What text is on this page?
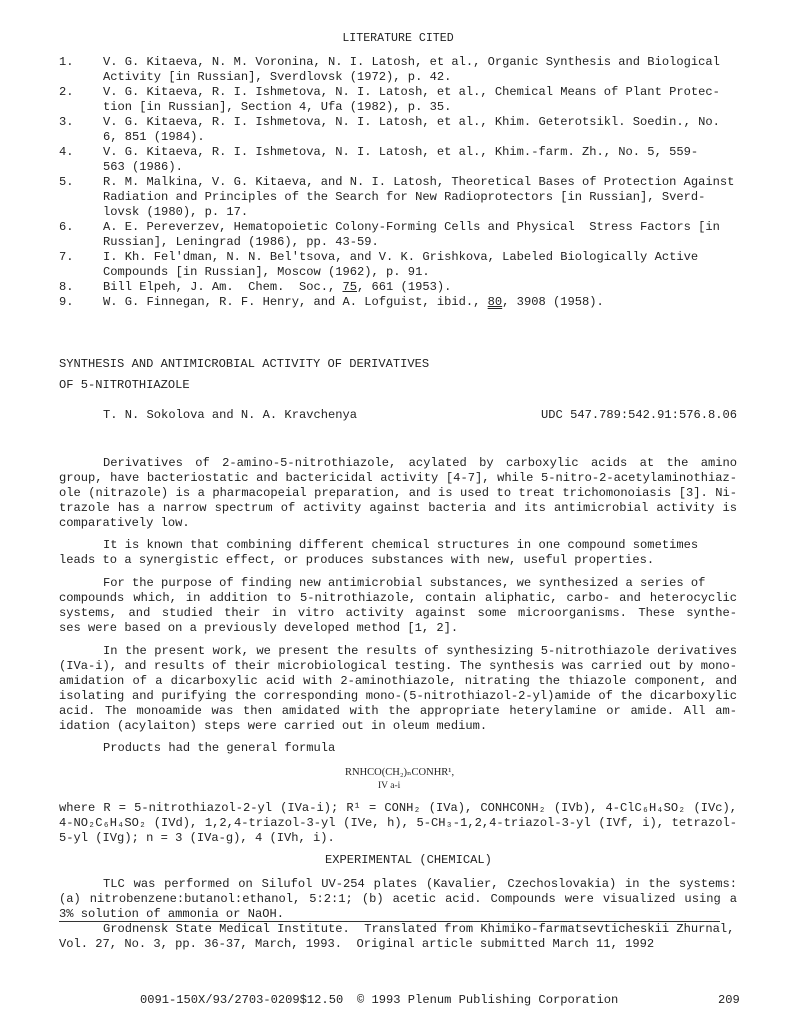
LITERATURE CITED
1.	V. G. Kitaeva, N. M. Voronina, N. I. Latosh, et al., Organic Synthesis and Biological
Activity [in Russian], Sverdlovsk (1972), p. 42.
2.	V. G. Kitaeva, R. I. Ishmetova, N. I. Latosh, et al., Chemical Means of Plant Protec-
tion [in Russian], Section 4, Ufa (1982), p. 35.
3.	V. G. Kitaeva, R. I. Ishmetova, N. I. Latosh, et al., Khim. Geterotsikl. Soedin., No.
6, 851 (1984).
4.	V. G. Kitaeva, R. I. Ishmetova, N. I. Latosh, et al., Khim.-farm. Zh., No. 5, 559-
563 (1986).
5.	R. M. Malkina, V. G. Kitaeva, and N. I. Latosh, Theoretical Bases of Protection Against
Radiation and Principles of the Search for New Radioprotectors [in Russian], Sverd-
lovsk (1980), p. 17.
6.	A. E. Pereverzev, Hematopoietic Colony-Forming Cells and Physical  Stress Factors [in
Russian], Leningrad (1986), pp. 43-59.
7.	I. Kh. Fel'dman, N. N. Bel'tsova, and V. K. Grishkova, Labeled Biologically Active
Compounds [in Russian], Moscow (1962), p. 91.
8.	Bill Elpeh, J. Am.  Chem.  Soc., 75, 661 (1953).
9.	W. G. Finnegan, R. F. Henry, and A. Lofguist, ibid., 80, 3908 (1958).
SYNTHESIS AND ANTIMICROBIAL ACTIVITY OF DERIVATIVES
OF 5-NITROTHIAZOLE
T. N. Sokolova and N. A. Kravchenya	UDC 547.789:542.91:576.8.06
Derivatives of 2-amino-5-nitrothiazole, acylated by carboxylic acids at the amino
group, have bacteriostatic and bactericidal activity [4-7], while 5-nitro-2-acetylaminothiaz-
ole (nitrazole) is a pharmacopeial preparation, and is used to treat trichomonoiasis [3]. Ni-
trazole has a narrow spectrum of activity against bacteria and its antimicrobial activity is
comparatively low.
It is known that combining different chemical structures in one compound sometimes
leads to a synergistic effect, or produces substances with new, useful properties.
For the purpose of finding new antimicrobial substances, we synthesized a series of
compounds which, in addition to 5-nitrothiazole, contain aliphatic, carbo- and heterocyclic
systems, and studied their in vitro activity against some microorganisms. These synthe-
ses were based on a previously developed method [1, 2].
In the present work, we present the results of synthesizing 5-nitrothiazole derivatives
(IVa-i), and results of their microbiological testing. The synthesis was carried out by mono-
amidation of a dicarboxylic acid with 2-aminothiazole, nitrating the thiazole component, and
isolating and purifying the corresponding mono-(5-nitrothiazol-2-yl)amide of the dicarboxylic
acid. The monoamide was then amidated with the appropriate heterylamine or amide. All am-
idation (acylaiton) steps were carried out in oleum medium.
Products had the general formula
RNHCO(CH₂)ₙCONHR¹,
IV a-i
where R = 5-nitrothiazol-2-yl (IVa-i); R¹ = CONH₂ (IVa), CONHCONH₂ (IVb), 4-ClC₆H₄SO₂ (IVc),
4-NO₂C₆H₄SO₂ (IVd), 1,2,4-triazol-3-yl (IVe, h), 5-CH₃-1,2,4-triazol-3-yl (IVf, i), tetrazol-
5-yl (IVg); n = 3 (IVa-g), 4 (IVh, i).
EXPERIMENTAL (CHEMICAL)
TLC was performed on Silufol UV-254 plates (Kavalier, Czechoslovakia) in the systems:
(a) nitrobenzene:butanol:ethanol, 5:2:1; (b) acetic acid. Compounds were visualized using a
3% solution of ammonia or NaOH.
Grodnensk State Medical Institute.  Translated from Khimiko-farmatsevticheskii Zhurnal,
Vol. 27, No. 3, pp. 36-37, March, 1993.  Original article submitted March 11, 1992
0091-150X/93/2703-0209$12.50 © 1993 Plenum Publishing Corporation	209
